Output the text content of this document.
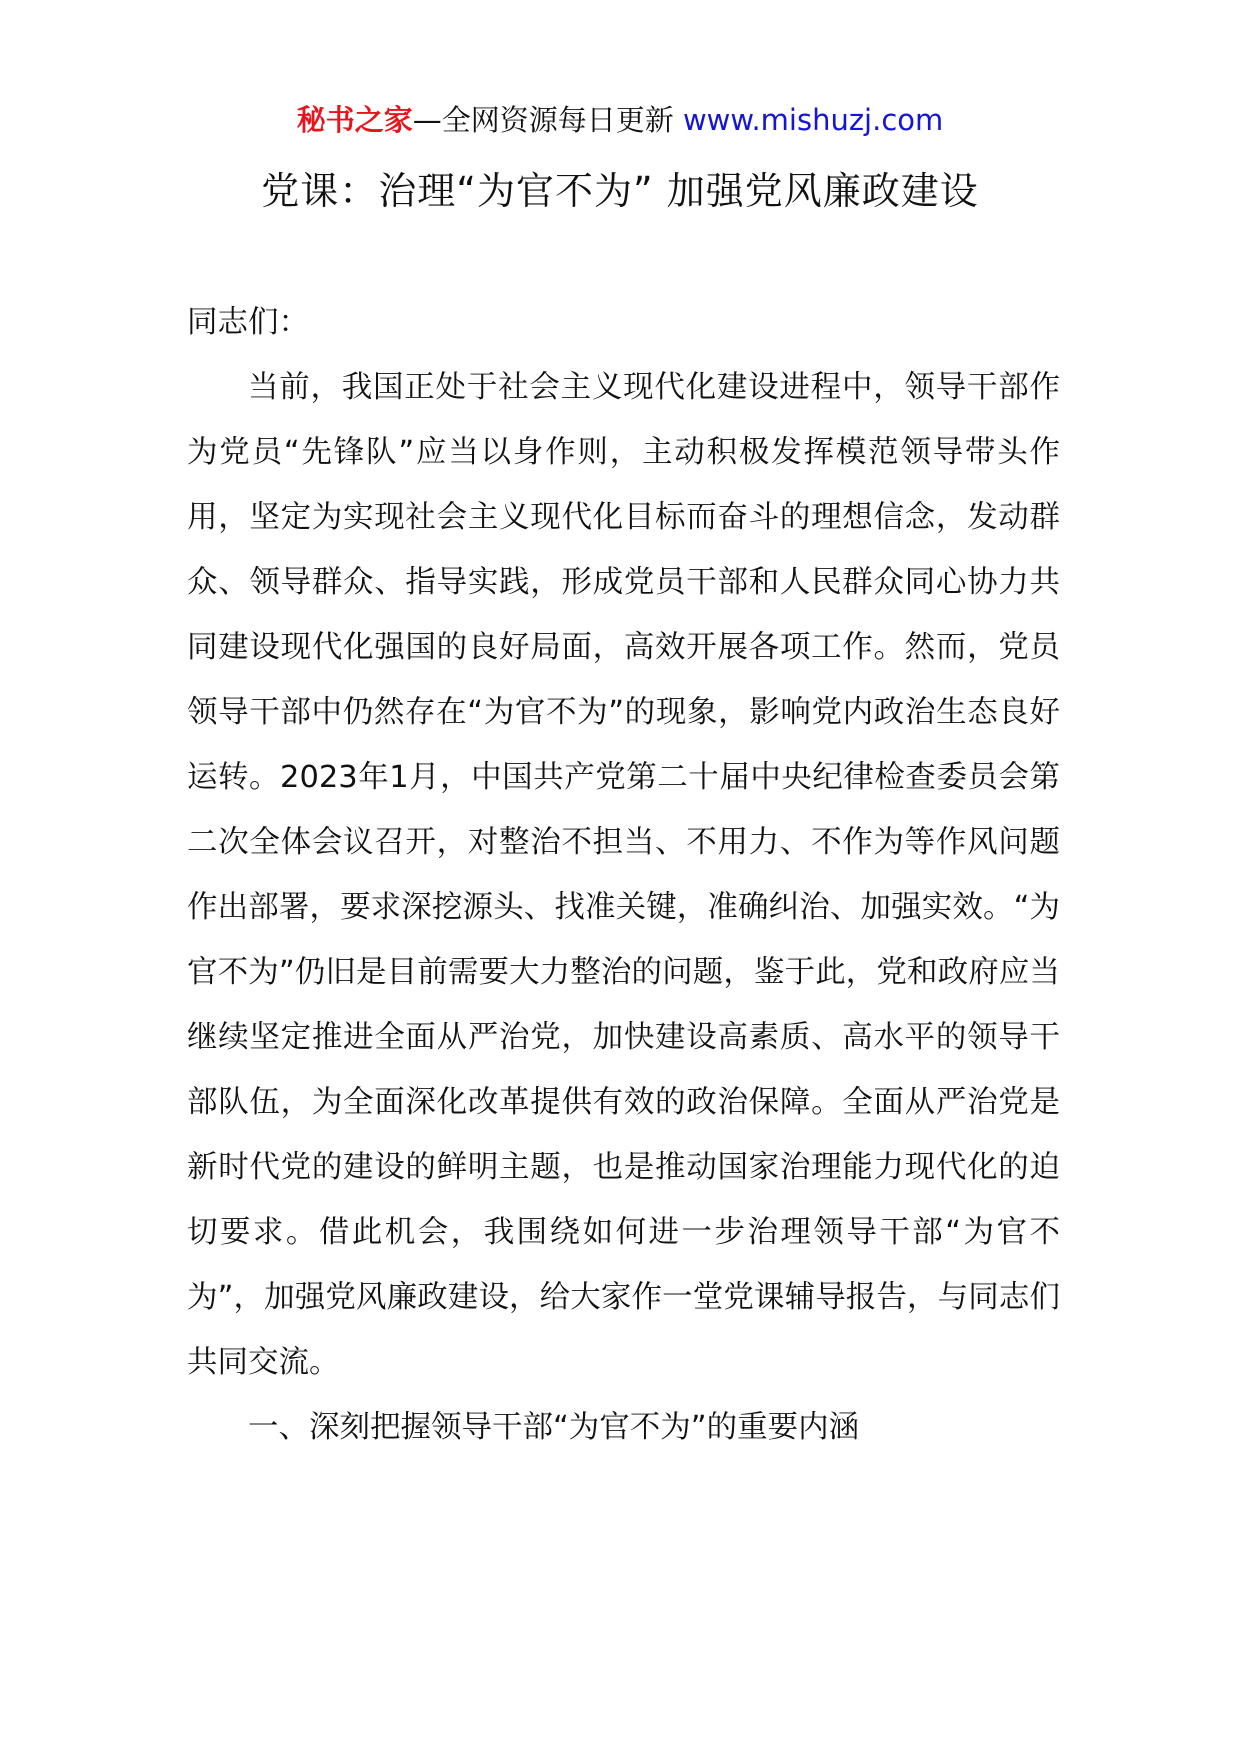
秘书之家—全网资源每日更新 www.mishuzj.com
党课：治理“为官不为” 加强党风廉政建设

同志们：

当前，我国正处于社会主义现代化建设进程中，领导干部作为党员“先锋队”应当以身作则，主动积极发挥模范领导带头作用，坚定为实现社会主义现代化目标而奋斗的理想信念，发动群众、领导群众、指导实践，形成党员干部和人民群众同心协力共同建设现代化强国的良好局面，高效开展各项工作。然而，党员领导干部中仍然存在“为官不为”的现象，影响党内政治生态良好运转。2023年1月，中国共产党第二十届中央纪律检查委员会第二次全体会议召开，对整治不担当、不用力、不作为等作风问题作出部署，要求深挖源头、找准关键，准确纠治、加强实效。“为官不为”仍旧是目前需要大力整治的问题，鉴于此，党和政府应当继续坚定推进全面从严治党，加快建设高素质、高水平的领导干部队伍，为全面深化改革提供有效的政治保障。全面从严治党是新时代党的建设的鲜明主题，也是推动国家治理能力现代化的迫切要求。借此机会，我围绕如何进一步治理领导干部“为官不为”，加强党风廉政建设，给大家作一堂党课辅导报告，与同志们共同交流。

一、深刻把握领导干部“为官不为”的重要内涵
